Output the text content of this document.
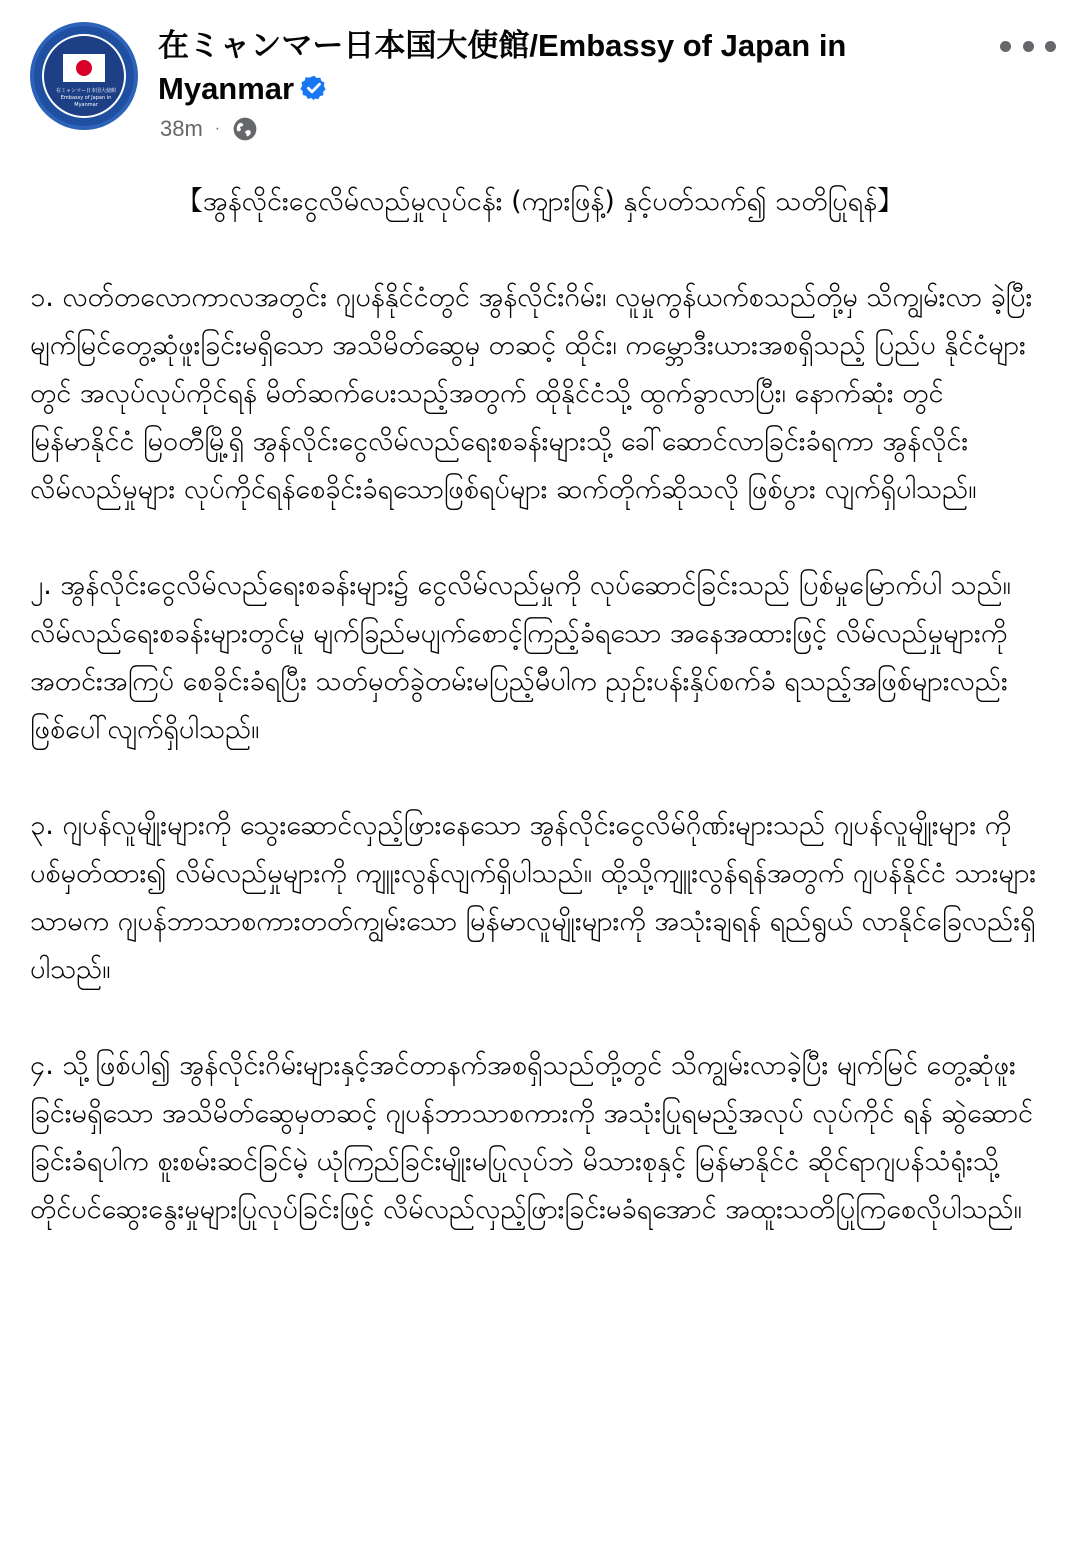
在ミャンマー日本国大使館 Embassy of Japan in Myanmar
在ミャンマー日本国大使館/Embassy of Japan in Myanmar
38m ·
【အွန်လိုင်းငွေလိမ်လည်မှုလုပ်ငန်း (ကျားဖြန့်) နှင့်ပတ်သက်၍ သတိပြုရန်】
၁. လတ်တလောကာလအတွင်း ဂျပန်နိုင်ငံတွင် အွန်လိုင်းဂိမ်း၊ လူမှုကွန်ယက်စသည်တို့မှ သိကျွမ်းလာ ခဲ့ပြီး မျက်မြင်တွေ့ဆုံဖူးခြင်းမရှိသော အသိမိတ်ဆွေမှ တဆင့် ထိုင်း၊ ကမ္ဘောဒီးယားအစရှိသည့် ပြည်ပ နိုင်ငံများတွင် အလုပ်လုပ်ကိုင်ရန် မိတ်ဆက်ပေးသည့်အတွက် ထိုနိုင်ငံသို့ ထွက်ခွာလာပြီး၊ နောက်ဆုံး တွင် မြန်မာနိုင်ငံ မြဝတီမြို့ရှိ အွန်လိုင်းငွေလိမ်လည်ရေးစခန်းများသို့ ခေါ်ဆောင်လာခြင်းခံရကာ အွန်လိုင်းလိမ်လည်မှုများ လုပ်ကိုင်ရန်စေခိုင်းခံရသောဖြစ်ရပ်များ ဆက်တိုက်ဆိုသလို ဖြစ်ပွား လျက်ရှိပါသည်။
၂. အွန်လိုင်းငွေလိမ်လည်ရေးစခန်းများ၌ ငွေလိမ်လည်မှုကို လုပ်ဆောင်ခြင်းသည် ပြစ်မှုမြောက်ပါ သည်။ လိမ်လည်ရေးစခန်းများတွင်မူ မျက်ခြည်မပျက်စောင့်ကြည့်ခံရသော အနေအထားဖြင့် လိမ်လည်မှုများကို အတင်းအကြပ် စေခိုင်းခံရပြီး သတ်မှတ်ခွဲတမ်းမပြည့်မီပါက ညှဉ်းပန်းနှိပ်စက်ခံ ရသည့်အဖြစ်များလည်း ဖြစ်ပေါ်လျက်ရှိပါသည်။
၃. ဂျပန်လူမျိုးများကို သွေးဆောင်လှည့်ဖြားနေသော အွန်လိုင်းငွေလိမ်ဂိုဏ်းများသည် ဂျပန်လူမျိုးများ ကို ပစ်မှတ်ထား၍ လိမ်လည်မှုများကို ကျူးလွန်လျက်ရှိပါသည်။ ထို့သို့ကျူးလွန်ရန်အတွက် ဂျပန်နိုင်ငံ သားများသာမက ဂျပန်ဘာသာစကားတတ်ကျွမ်းသော မြန်မာလူမျိုးများကို အသုံးချရန် ရည်ရွယ် လာနိုင်ခြေလည်းရှိပါသည်။
၄. သို့ဖြစ်ပါ၍ အွန်လိုင်းဂိမ်းများနှင့်အင်တာနက်အစရှိသည်တို့တွင် သိကျွမ်းလာခဲ့ပြီး မျက်မြင် တွေ့ဆုံဖူးခြင်းမရှိသော အသိမိတ်ဆွေမှတဆင့် ဂျပန်ဘာသာစကားကို အသုံးပြုရမည့်အလုပ် လုပ်ကိုင် ရန် ဆွဲဆောင်ခြင်းခံရပါက စူးစမ်းဆင်ခြင်မဲ့ ယုံကြည်ခြင်းမျိုးမပြုလုပ်ဘဲ မိသားစုနှင့် မြန်မာနိုင်ငံ ဆိုင်ရာဂျပန်သံရုံးသို့ တိုင်ပင်ဆွေးနွေးမှုများပြုလုပ်ခြင်းဖြင့် လိမ်လည်လှည့်ဖြားခြင်းမခံရအောင် အထူးသတိပြုကြစေလိုပါသည်။
